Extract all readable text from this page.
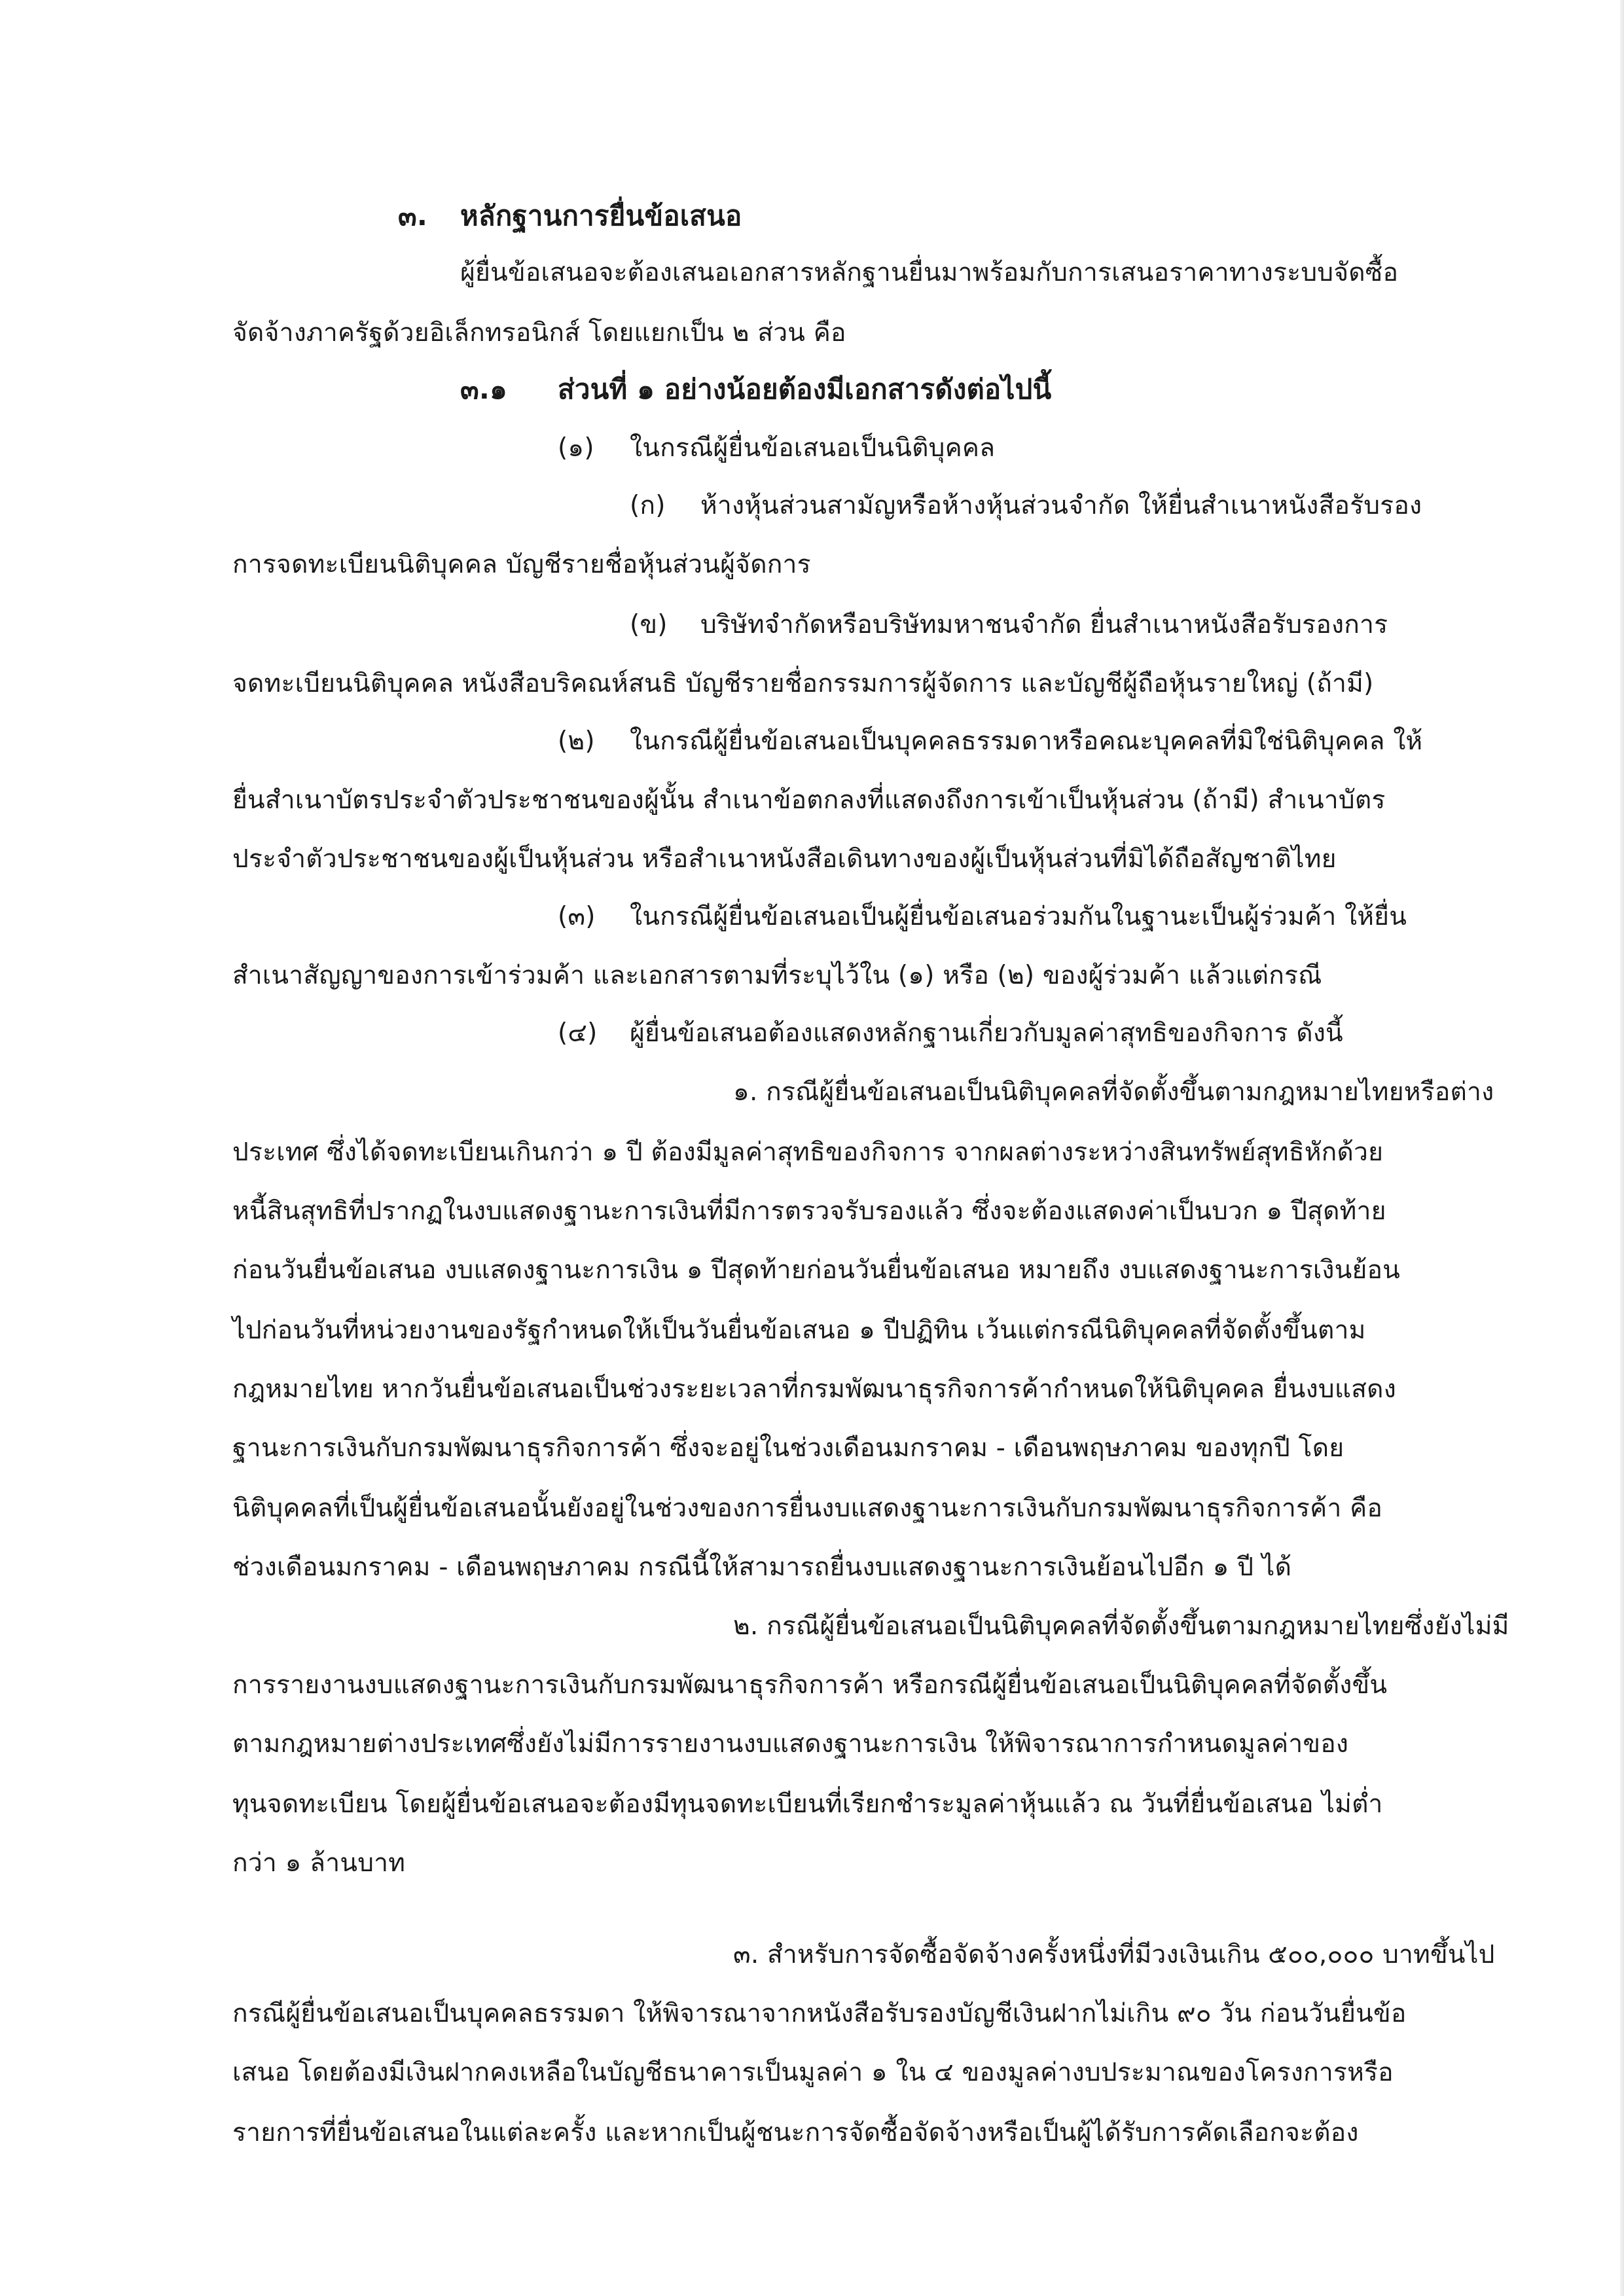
๓. หลักฐานการยื่นข้อเสนอ
ผู้ยื่นข้อเสนอจะต้องเสนอเอกสารหลักฐานยื่นมาพร้อมกับการเสนอราคาทางระบบจัดซื้อ
จัดจ้างภาครัฐด้วยอิเล็กทรอนิกส์ โดยแยกเป็น ๒ ส่วน คือ
๓.๑ ส่วนที่ ๑ อย่างน้อยต้องมีเอกสารดังต่อไปนี้
(๑) ในกรณีผู้ยื่นข้อเสนอเป็นนิติบุคคล
(ก) ห้างหุ้นส่วนสามัญหรือห้างหุ้นส่วนจำกัด ให้ยื่นสำเนาหนังสือรับรอง
การจดทะเบียนนิติบุคคล บัญชีรายชื่อหุ้นส่วนผู้จัดการ
(ข) บริษัทจำกัดหรือบริษัทมหาชนจำกัด ยื่นสำเนาหนังสือรับรองการ
จดทะเบียนนิติบุคคล หนังสือบริคณห์สนธิ บัญชีรายชื่อกรรมการผู้จัดการ และบัญชีผู้ถือหุ้นรายใหญ่ (ถ้ามี)
(๒) ในกรณีผู้ยื่นข้อเสนอเป็นบุคคลธรรมดาหรือคณะบุคคลที่มิใช่นิติบุคคล ให้
ยื่นสำเนาบัตรประจำตัวประชาชนของผู้นั้น สำเนาข้อตกลงที่แสดงถึงการเข้าเป็นหุ้นส่วน (ถ้ามี) สำเนาบัตร
ประจำตัวประชาชนของผู้เป็นหุ้นส่วน หรือสำเนาหนังสือเดินทางของผู้เป็นหุ้นส่วนที่มิได้ถือสัญชาติไทย
(๓) ในกรณีผู้ยื่นข้อเสนอเป็นผู้ยื่นข้อเสนอร่วมกันในฐานะเป็นผู้ร่วมค้า ให้ยื่น
สำเนาสัญญาของการเข้าร่วมค้า และเอกสารตามที่ระบุไว้ใน (๑) หรือ (๒) ของผู้ร่วมค้า แล้วแต่กรณี
(๔) ผู้ยื่นข้อเสนอต้องแสดงหลักฐานเกี่ยวกับมูลค่าสุทธิของกิจการ ดังนี้
๑. กรณีผู้ยื่นข้อเสนอเป็นนิติบุคคลที่จัดตั้งขึ้นตามกฎหมายไทยหรือต่าง
ประเทศ ซึ่งได้จดทะเบียนเกินกว่า ๑ ปี ต้องมีมูลค่าสุทธิของกิจการ จากผลต่างระหว่างสินทรัพย์สุทธิหักด้วย
หนี้สินสุทธิที่ปรากฏในงบแสดงฐานะการเงินที่มีการตรวจรับรองแล้ว ซึ่งจะต้องแสดงค่าเป็นบวก ๑ ปีสุดท้าย
ก่อนวันยื่นข้อเสนอ งบแสดงฐานะการเงิน ๑ ปีสุดท้ายก่อนวันยื่นข้อเสนอ หมายถึง งบแสดงฐานะการเงินย้อน
ไปก่อนวันที่หน่วยงานของรัฐกำหนดให้เป็นวันยื่นข้อเสนอ ๑ ปีปฏิทิน เว้นแต่กรณีนิติบุคคลที่จัดตั้งขึ้นตาม
กฎหมายไทย หากวันยื่นข้อเสนอเป็นช่วงระยะเวลาที่กรมพัฒนาธุรกิจการค้ากำหนดให้นิติบุคคล ยื่นงบแสดง
ฐานะการเงินกับกรมพัฒนาธุรกิจการค้า ซึ่งจะอยู่ในช่วงเดือนมกราคม - เดือนพฤษภาคม ของทุกปี โดย
นิติบุคคลที่เป็นผู้ยื่นข้อเสนอนั้นยังอยู่ในช่วงของการยื่นงบแสดงฐานะการเงินกับกรมพัฒนาธุรกิจการค้า คือ
ช่วงเดือนมกราคม - เดือนพฤษภาคม กรณีนี้ให้สามารถยื่นงบแสดงฐานะการเงินย้อนไปอีก ๑ ปี ได้
๒. กรณีผู้ยื่นข้อเสนอเป็นนิติบุคคลที่จัดตั้งขึ้นตามกฎหมายไทยซึ่งยังไม่มี
การรายงานงบแสดงฐานะการเงินกับกรมพัฒนาธุรกิจการค้า หรือกรณีผู้ยื่นข้อเสนอเป็นนิติบุคคลที่จัดตั้งขึ้น
ตามกฎหมายต่างประเทศซึ่งยังไม่มีการรายงานงบแสดงฐานะการเงิน ให้พิจารณาการกำหนดมูลค่าของ
ทุนจดทะเบียน โดยผู้ยื่นข้อเสนอจะต้องมีทุนจดทะเบียนที่เรียกชำระมูลค่าหุ้นแล้ว ณ วันที่ยื่นข้อเสนอ ไม่ต่ำ
กว่า ๑ ล้านบาท
๓. สำหรับการจัดซื้อจัดจ้างครั้งหนึ่งที่มีวงเงินเกิน ๕๐๐,๐๐๐ บาทขึ้นไป
กรณีผู้ยื่นข้อเสนอเป็นบุคคลธรรมดา ให้พิจารณาจากหนังสือรับรองบัญชีเงินฝากไม่เกิน ๙๐ วัน ก่อนวันยื่นข้อ
เสนอ โดยต้องมีเงินฝากคงเหลือในบัญชีธนาคารเป็นมูลค่า ๑ ใน ๔ ของมูลค่างบประมาณของโครงการหรือ
รายการที่ยื่นข้อเสนอในแต่ละครั้ง และหากเป็นผู้ชนะการจัดซื้อจัดจ้างหรือเป็นผู้ได้รับการคัดเลือกจะต้อง
